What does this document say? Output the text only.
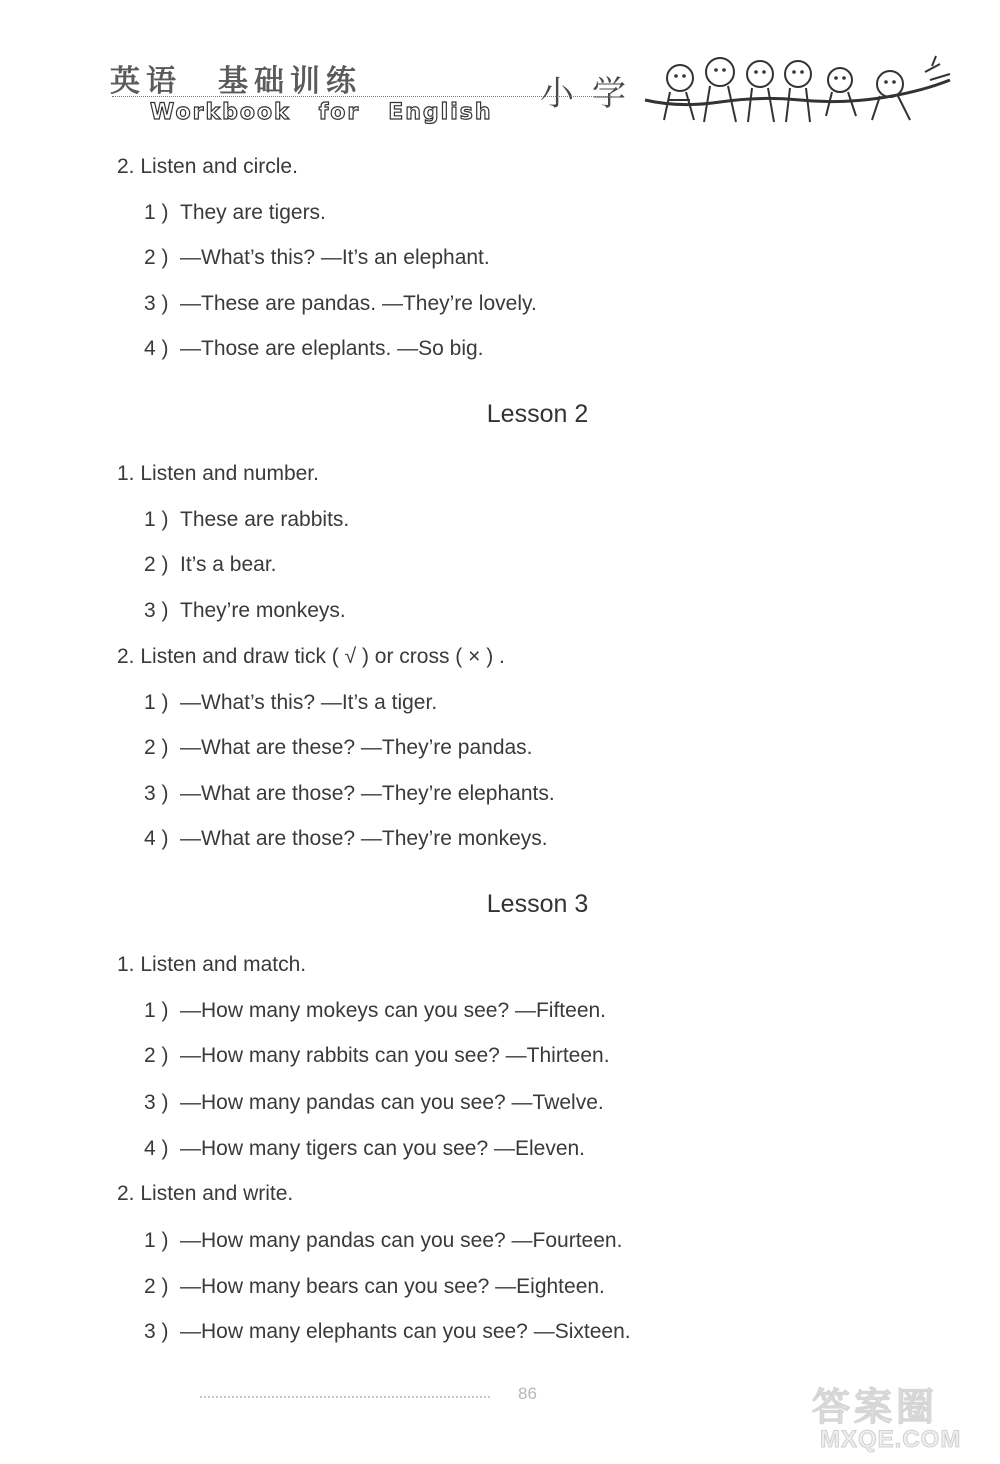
英语 基础训练	小学
Workbook for English
2. Listen and circle.
1 ) They are tigers.
2 ) —What’s this? —It’s an elephant.
3 ) —These are pandas. —They’re lovely.
4 ) —Those are eleplants. —So big.
Lesson 2
1. Listen and number.
1 ) These are rabbits.
2 ) It’s a bear.
3 ) They’re monkeys.
2. Listen and draw tick ( √ ) or cross ( × ) .
1 ) —What’s this? —It’s a tiger.
2 ) —What are these? —They’re pandas.
3 ) —What are those? —They’re elephants.
4 ) —What are those? —They’re monkeys.
Lesson 3
1. Listen and match.
1 ) —How many mokeys can you see? —Fifteen.
2 ) —How many rabbits can you see? —Thirteen.
3 ) —How many pandas can you see? —Twelve.
4 ) —How many tigers can you see? —Eleven.
2. Listen and write.
1 ) —How many pandas can you see? —Fourteen.
2 ) —How many bears can you see? —Eighteen.
3 ) —How many elephants can you see? —Sixteen.
86	答案圈
MXQE.COM
